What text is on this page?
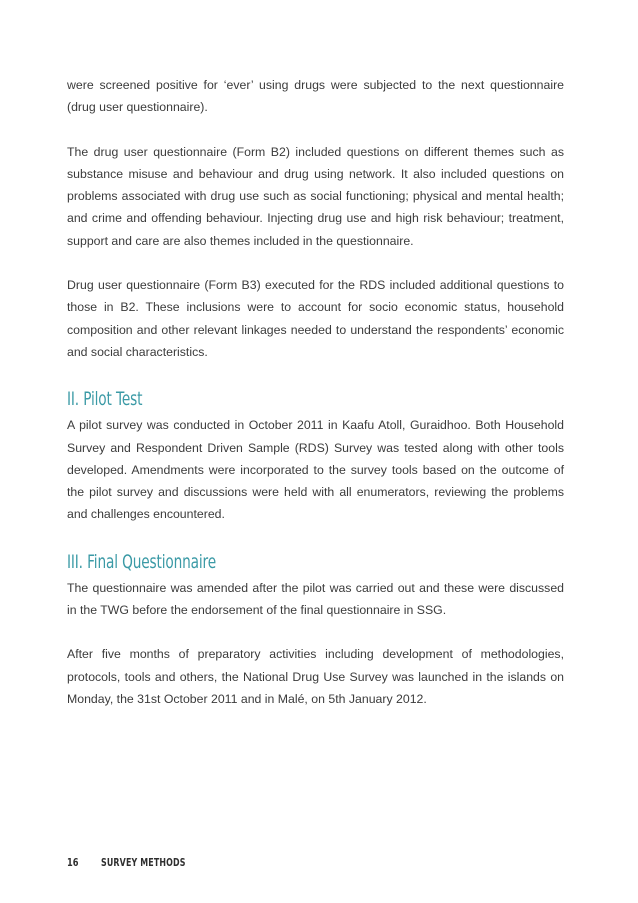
were screened positive for ‘ever’ using drugs were subjected to the next questionnaire (drug user questionnaire).

The drug user questionnaire (Form B2) included questions on different themes such as substance misuse and behaviour and drug using network. It also included questions on problems associated with drug use such as social functioning; physical and mental health; and crime and offending behaviour. Injecting drug use and high risk behaviour; treatment, support and care are also themes included in the questionnaire.

Drug user questionnaire (Form B3) executed for the RDS included additional questions to those in B2. These inclusions were to account for socio economic status, household composition and other relevant linkages needed to understand the respondents’ economic and social characteristics.

II. Pilot Test

A pilot survey was conducted in October 2011 in Kaafu Atoll, Guraidhoo. Both Household Survey and Respondent Driven Sample (RDS) Survey was tested along with other tools developed. Amendments were incorporated to the survey tools based on the outcome of the pilot survey and discussions were held with all enumerators, reviewing the problems and challenges encountered.

III. Final Questionnaire

The questionnaire was amended after the pilot was carried out and these were discussed in the TWG before the endorsement of the final questionnaire in SSG.

After five months of preparatory activities including development of methodologies, protocols, tools and others, the National Drug Use Survey was launched in the islands on Monday, the 31st October 2011 and in Malé, on 5th January 2012.

16	SURVEY METHODS
